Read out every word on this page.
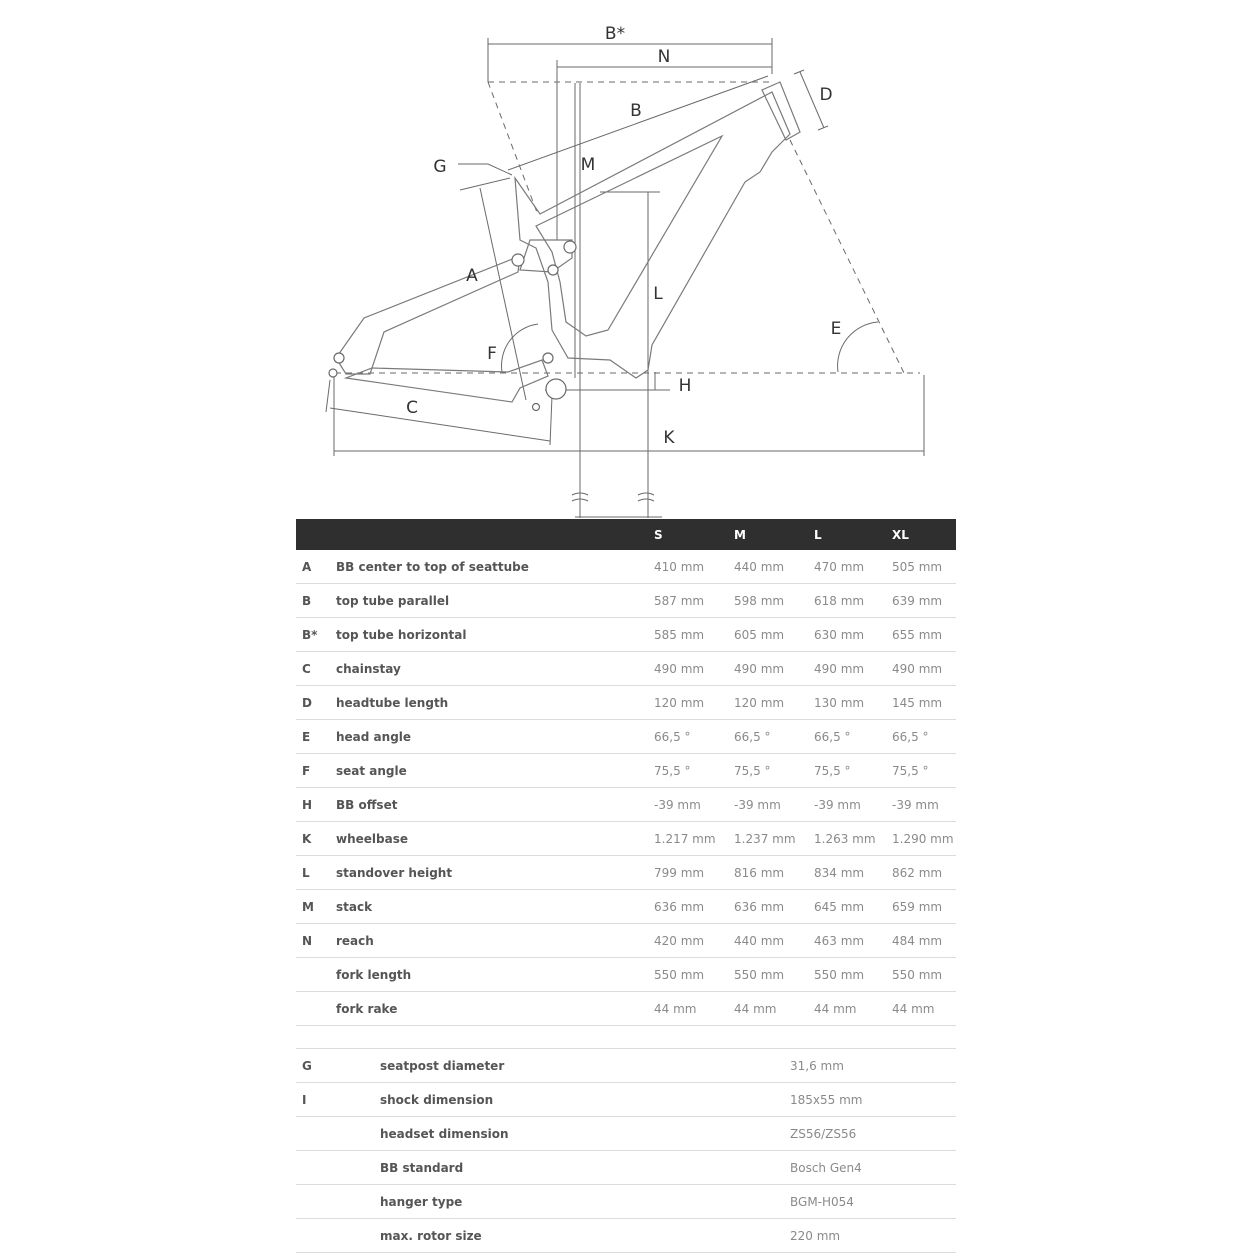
B*
N
D
B
M
G
A
L
E
F
H
C
K
		S	M	L	XL
A	BB center to top of seattube	410 mm	440 mm	470 mm	505 mm
B	top tube parallel	587 mm	598 mm	618 mm	639 mm
B*	top tube horizontal	585 mm	605 mm	630 mm	655 mm
C	chainstay	490 mm	490 mm	490 mm	490 mm
D	headtube length	120 mm	120 mm	130 mm	145 mm
E	head angle	66,5 °	66,5 °	66,5 °	66,5 °
F	seat angle	75,5 °	75,5 °	75,5 °	75,5 °
H	BB offset	-39 mm	-39 mm	-39 mm	-39 mm
K	wheelbase	1.217 mm	1.237 mm	1.263 mm	1.290 mm
L	standover height	799 mm	816 mm	834 mm	862 mm
M	stack	636 mm	636 mm	645 mm	659 mm
N	reach	420 mm	440 mm	463 mm	484 mm
	fork length	550 mm	550 mm	550 mm	550 mm
	fork rake	44 mm	44 mm	44 mm	44 mm
G	seatpost diameter	31,6 mm
I	shock dimension	185x55 mm
	headset dimension	ZS56/ZS56
	BB standard	Bosch Gen4
	hanger type	BGM-H054
	max. rotor size	220 mm
